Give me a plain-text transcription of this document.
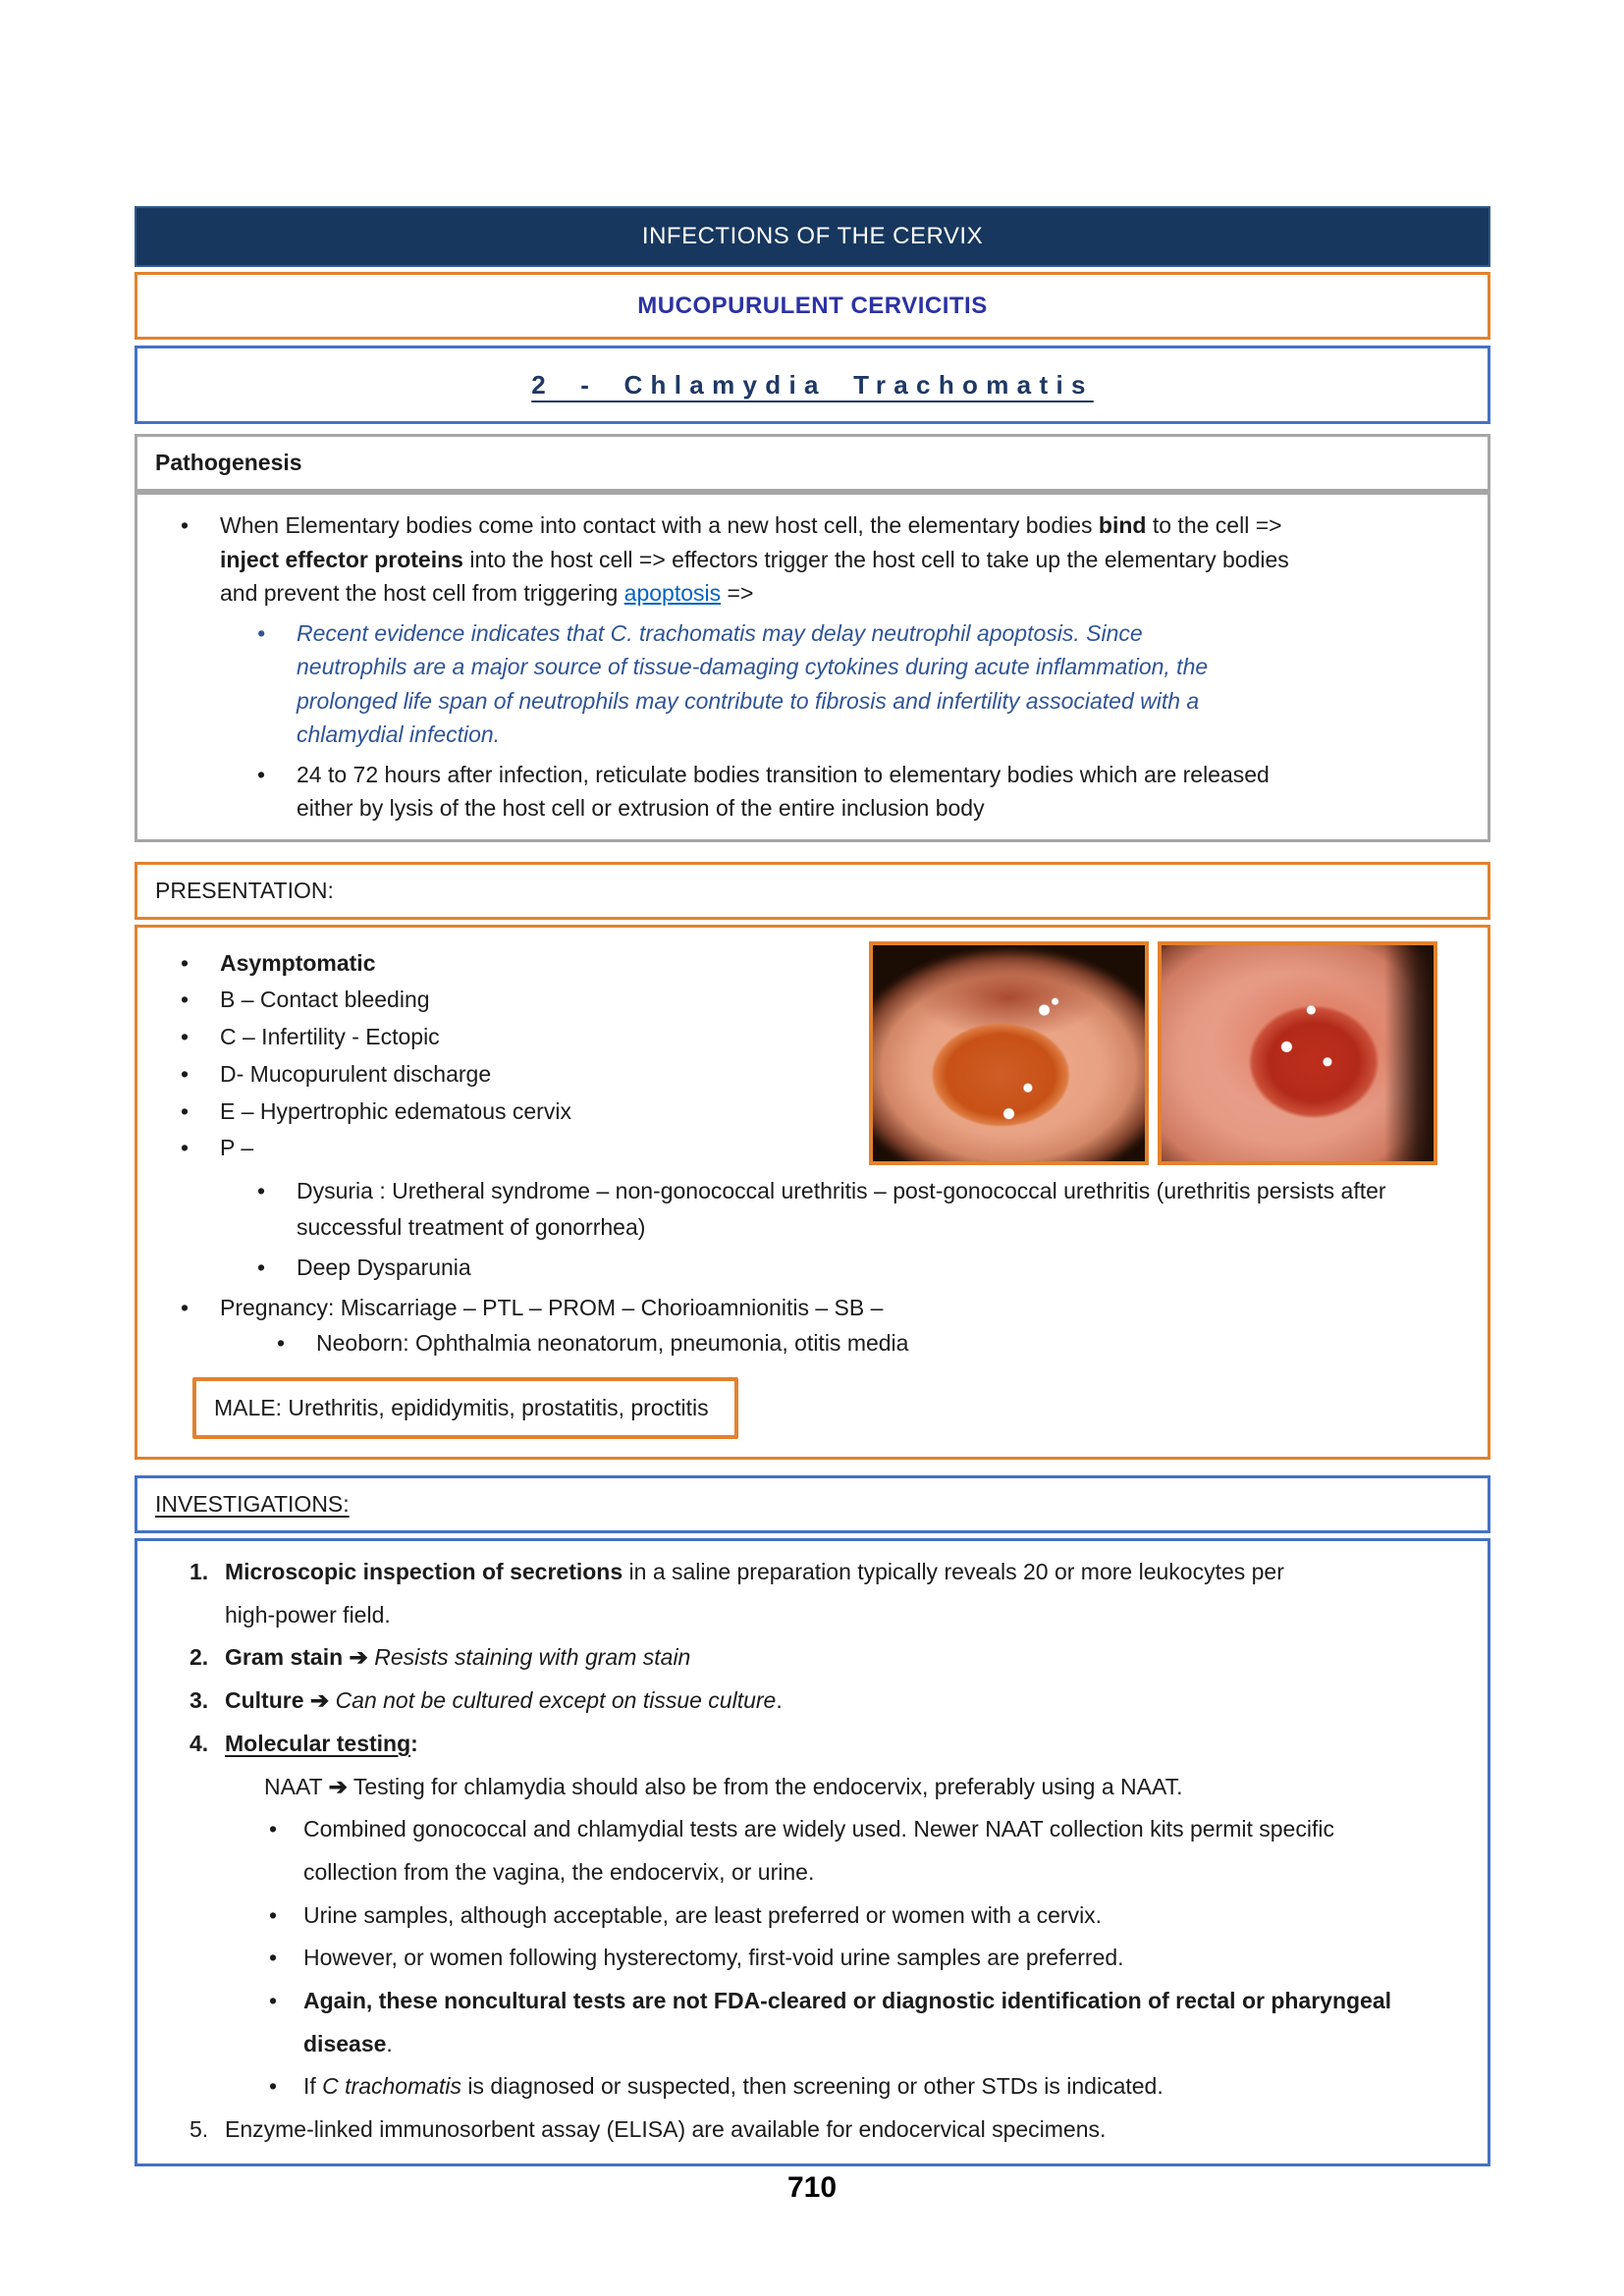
INFECTIONS OF THE CERVIX
MUCOPURULENT CERVICITIS
2 - Chlamydia Trachomatis
Pathogenesis
•	When Elementary bodies come into contact with a new host cell, the elementary bodies bind to the cell => inject effector proteins into the host cell => effectors trigger the host cell to take up the elementary bodies and prevent the host cell from triggering apoptosis =>
•	Recent evidence indicates that C. trachomatis may delay neutrophil apoptosis. Since neutrophils are a major source of tissue-damaging cytokines during acute inflammation, the prolonged life span of neutrophils may contribute to fibrosis and infertility associated with a chlamydial infection.
•	24 to 72 hours after infection, reticulate bodies transition to elementary bodies which are released either by lysis of the host cell or extrusion of the entire inclusion body
PRESENTATION:
•	Asymptomatic
•	B – Contact bleeding
•	C – Infertility - Ectopic
•	D- Mucopurulent discharge
•	E – Hypertrophic edematous cervix
•	P –
•	Dysuria : Uretheral syndrome – non-gonococcal urethritis – post-gonococcal urethritis (urethritis persists after successful treatment of gonorrhea)
•	Deep Dysparunia
•	Pregnancy: Miscarriage – PTL – PROM – Chorioamnionitis – SB –
•	Neoborn: Ophthalmia neonatorum, pneumonia, otitis media
MALE: Urethritis, epididymitis, prostatitis, proctitis
INVESTIGATIONS:
1. Microscopic inspection of secretions in a saline preparation typically reveals 20 or more leukocytes per high-power field.
2. Gram stain ➔ Resists staining with gram stain
3. Culture ➔ Can not be cultured except on tissue culture.
4. Molecular testing:
NAAT ➔ Testing for chlamydia should also be from the endocervix, preferably using a NAAT.
•	Combined gonococcal and chlamydial tests are widely used. Newer NAAT collection kits permit specific collection from the vagina, the endocervix, or urine.
•	Urine samples, although acceptable, are least preferred or women with a cervix.
•	However, or women following hysterectomy, first-void urine samples are preferred.
•	Again, these noncultural tests are not FDA-cleared or diagnostic identification of rectal or pharyngeal disease.
•	If C trachomatis is diagnosed or suspected, then screening or other STDs is indicated.
5. Enzyme-linked immunosorbent assay (ELISA) are available for endocervical specimens.
710
